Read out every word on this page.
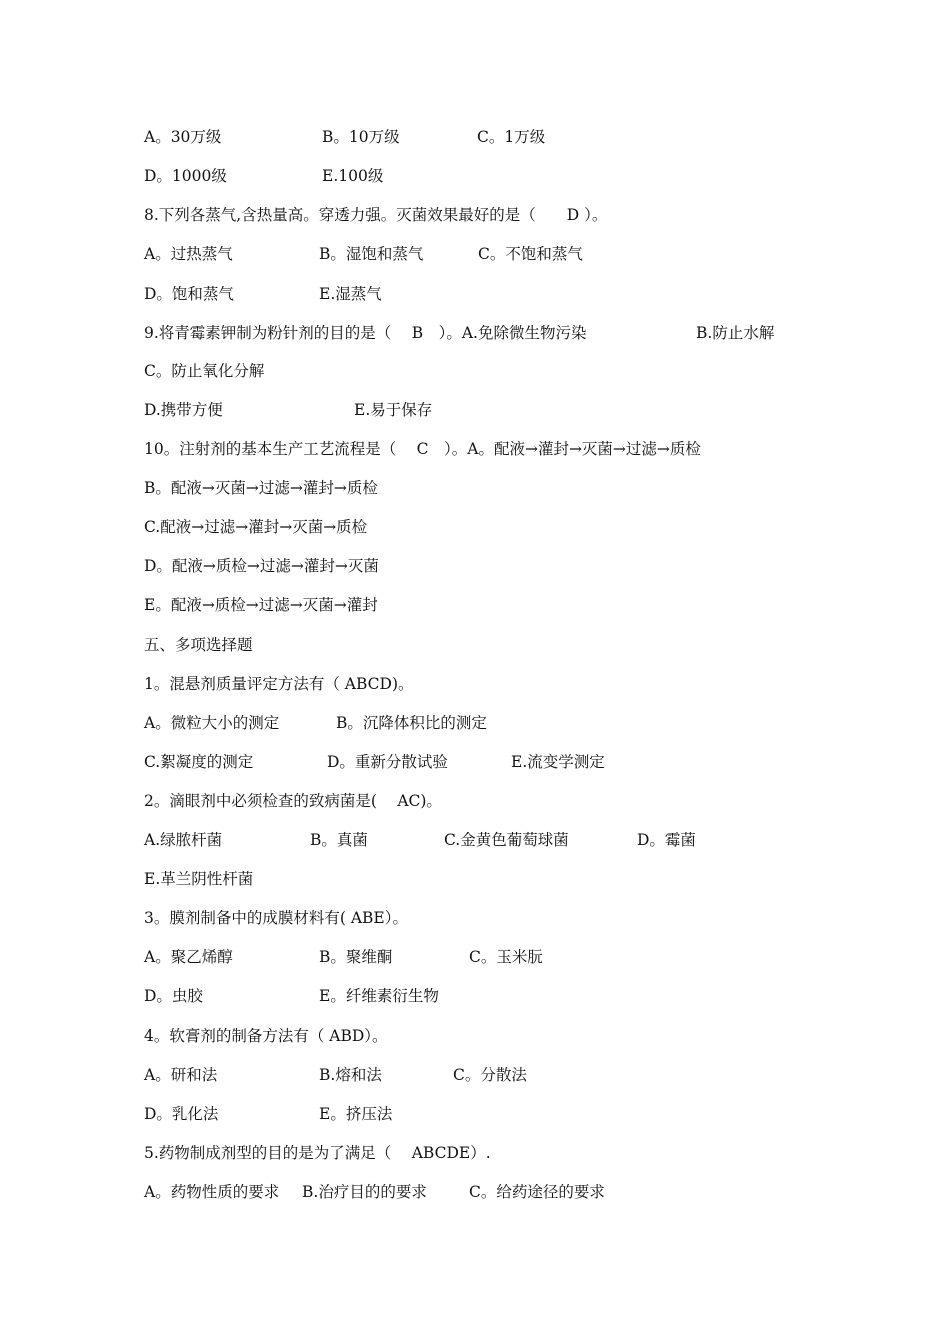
A。30万级	B。10万级	C。1万级
D。1000级	E.100级
8.下列各蒸气,含热量高。穿透力强。灭菌效果最好的是（　　D ）。
A。过热蒸气	B。湿饱和蒸气	C。不饱和蒸气
D。饱和蒸气	E.湿蒸气
9.将青霉素钾制为粉针剂的目的是（　 B　）。A.免除微生物污染	B.防止水解
C。防止氧化分解
D.携带方便	E.易于保存
10。注射剂的基本生产工艺流程是（　 C　）。A。配液→灌封→灭菌→过滤→质检
B。配液→灭菌→过滤→灌封→质检
C.配液→过滤→灌封→灭菌→质检
D。配液→质检→过滤→灌封→灭菌
E。配液→质检→过滤→灭菌→灌封
五、多项选择题
1。混悬剂质量评定方法有（ ABCD)。
A。微粒大小的测定	B。沉降体积比的测定
C.絮凝度的测定	D。重新分散试验	E.流变学测定
2。滴眼剂中必须检查的致病菌是(　 AC)。
A.绿脓杆菌	B。真菌	C.金黄色葡萄球菌	D。霉菌
E.革兰阴性杆菌
3。膜剂制备中的成膜材料有( ABE）。
A。聚乙烯醇	B。聚维酮	C。玉米朊
D。虫胶	E。纤维素衍生物
4。软膏剂的制备方法有（ ABD）。
A。研和法	B.熔和法	C。分散法
D。乳化法	E。挤压法
5.药物制成剂型的目的是为了满足（　 ABCDE）.
A。药物性质的要求 B.治疗目的的要求	C。给药途径的要求
